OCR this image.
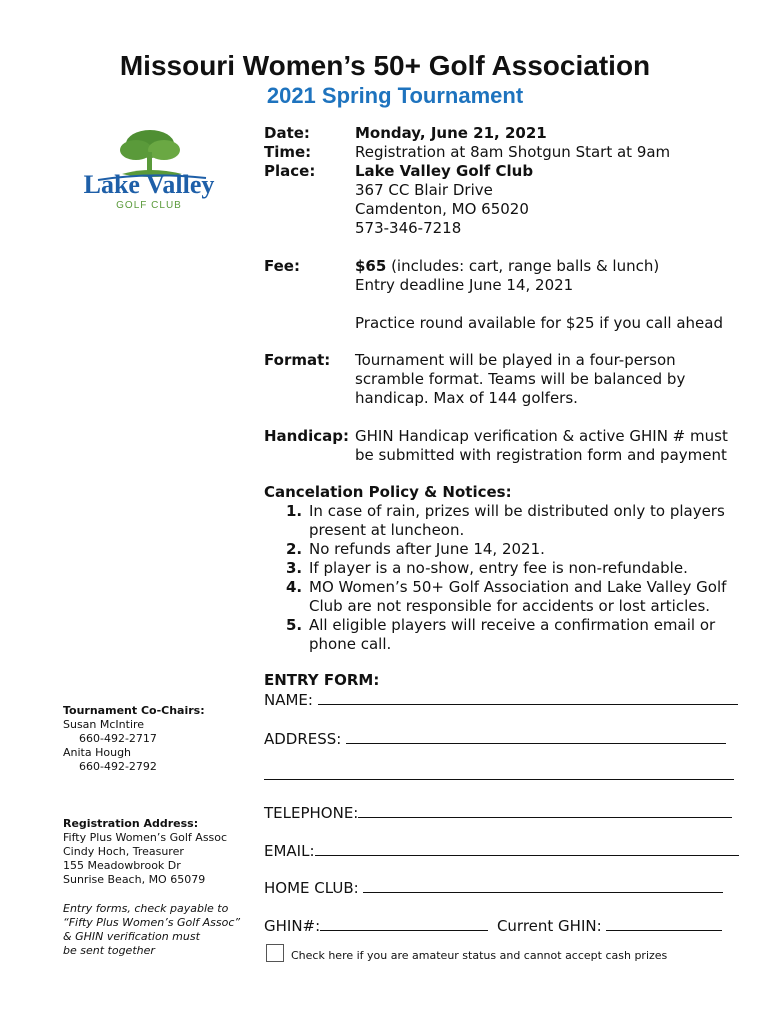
Missouri Women’s 50+ Golf Association
2021 Spring Tournament
Lake Valley
GOLF CLUB
Date:
Time:
Place:
Monday, June 21, 2021
Registration at 8am Shotgun Start at 9am
Lake Valley Golf Club
367 CC Blair Drive
Camdenton, MO 65020
573-346-7218
Fee:	$65 (includes: cart, range balls & lunch)
Entry deadline June 14, 2021
Practice round available for $25 if you call ahead
Format: Tournament will be played in a four-person
scramble format. Teams will be balanced by
handicap. Max of 144 golfers.
Handicap: GHIN Handicap verification & active GHIN # must
be submitted with registration form and payment
Cancelation Policy & Notices:
1. In case of rain, prizes will be distributed only to players
present at luncheon.
2. No refunds after June 14, 2021.
3. If player is a no-show, entry fee is non-refundable.
4. MO Women’s 50+ Golf Association and Lake Valley Golf
Club are not responsible for accidents or lost articles.
5. All eligible players will receive a confirmation email or
phone call.
ENTRY FORM:
NAME:
ADDRESS:
TELEPHONE:
EMAIL:
HOME CLUB:
GHIN#:	Current GHIN:
Check here if you are amateur status and cannot accept cash prizes
Tournament Co-Chairs:
Susan McIntire
660-492-2717
Anita Hough
660-492-2792
Registration Address:
Fifty Plus Women’s Golf Assoc
Cindy Hoch, Treasurer
155 Meadowbrook Dr
Sunrise Beach, MO 65079
Entry forms, check payable to
“Fifty Plus Women’s Golf Assoc”
& GHIN verification must
be sent together
